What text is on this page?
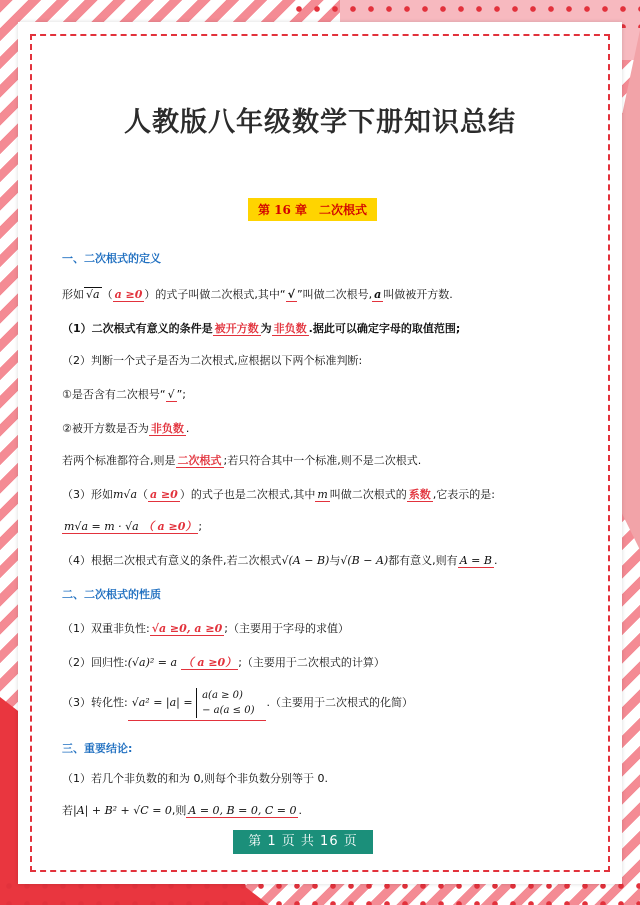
人教版八年级数学下册知识总结
第 16 章　二次根式
一、二次根式的定义
形如 √a （ a ≥0 ）的式子叫做二次根式,其中“ √ ”叫做二次根号, a 叫做被开方数.
（1）二次根式有意义的条件是 被开方数 为 非负数 .据此可以确定字母的取值范围;
（2）判断一个式子是否为二次根式,应根据以下两个标准判断:
①是否含有二次根号“ √ ”;
②被开方数是否为 非负数 .
若两个标准都符合,则是 二次根式 ;若只符合其中一个标准,则不是二次根式.
（3）形如m√a（ a ≥0 ）的式子也是二次根式,其中 m 叫做二次根式的 系数 ,它表示的是:
m√a = m · √a （ a ≥0） ;
（4）根据二次根式有意义的条件,若二次根式√(A − B)与√(B − A)都有意义,则有 A = B .
二、二次根式的性质
（1）双重非负性: √a ≥0, a ≥0 ;（主要用于字母的求值）
（2）回归性:(√a)² = a （ a ≥0） ;（主要用于二次根式的计算）
（3）转化性: √a² = |a| = a(a ≥ 0)
− a(a ≤ 0).（主要用于二次根式的化简）
三、重要结论:
（1）若几个非负数的和为 0,则每个非负数分别等于 0.
若|A| + B² + √C = 0,则 A = 0, B = 0, C = 0 .
第 1 页 共 16 页
